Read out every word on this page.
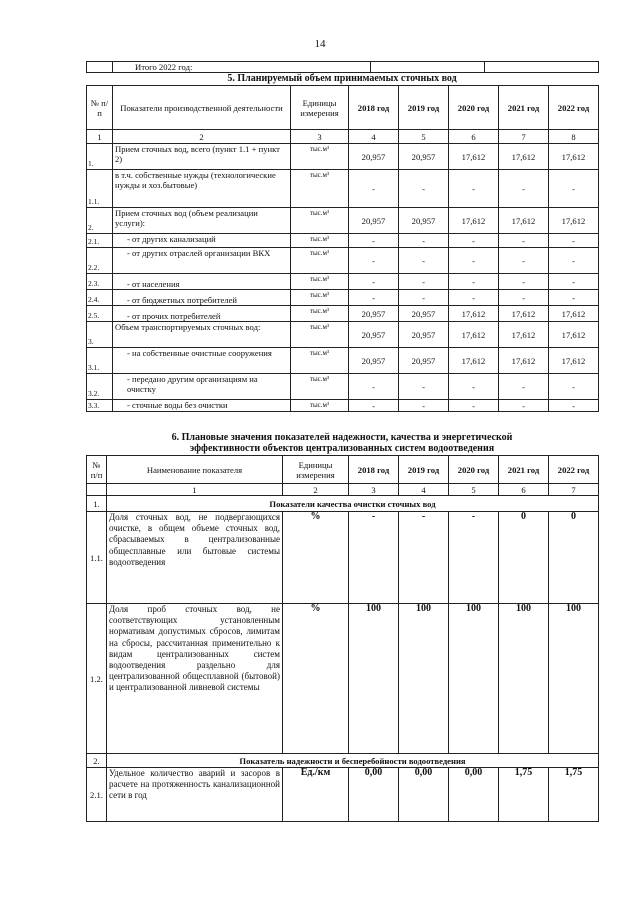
14
	Итого 2022 год:		
5. Планируемый объем принимаемых сточных вод
№ п/ п	Показатели производственной деятельности	Единицы измерения	2018 год	2019 год	2020 год	2021 год	2022 год
1	2	3	4	5	6	7	8
1.	Прием сточных вод, всего (пункт 1.1 + пункт 2)	тыс.м³	20,957	20,957	17,612	17,612	17,612
1.1.	в т.ч. собственные нужды (технологические нужды и хоз.бытовые)	тыс.м³	-	-	-	-	-
2.	Прием сточных вод (объем реализации услуги):	тыс.м³	20,957	20,957	17,612	17,612	17,612
2.1.	- от других канализаций	тыс.м³	-	-	-	-	-
2.2.	- от других отраслей организации ВКХ	тыс.м³	-	-	-	-	-
2.3.	- от населения	тыс.м³	-	-	-	-	-
2.4.	- от бюджетных потребителей	тыс.м³	-	-	-	-	-
2.5.	- от прочих потребителей	тыс.м³	20,957	20,957	17,612	17,612	17,612
3.	Объем транспортируемых сточных вод:	тыс.м³	20,957	20,957	17,612	17,612	17,612
3.1.	- на собственные очистные сооружения	тыс.м³	20,957	20,957	17,612	17,612	17,612
3.2.	- передано другим организациям на очистку	тыс.м³	-	-	-	-	-
3.3.	- сточные воды без очистки	тыс.м³	-	-	-	-	-
6. Плановые значения показателей надежности, качества и энергетической
эффективности объектов централизованных систем водоотведения
№ п/п	Наименование показателя	Единицы измерения	2018 год	2019 год	2020 год	2021 год	2022 год
	1	2	3	4	5	6	7
1.	Показатели качества очистки сточных вод						
1.1.	Доля сточных вод, не подвергающихся очистке, в общем объеме сточных вод, сбрасываемых в централизованные общесплавные или бытовые системы водоотведения	%	-	-	-	0	0
1.2.	Доля проб сточных вод, не соответствующих установленным нормативам допустимых сбросов, лимитам на сбросы, рассчитанная применительно к видам централизованных систем водоотведения раздельно для централизованной общесплавной (бытовой) и централизованной ливневой системы	%	100	100	100	100	100
2.	Показатель надежности и бесперебойности водоотведения						
2.1.	Удельное количество аварий и засоров в расчете на протяженность канализационной сети в год	Ед./км	0,00	0,00	0,00	1,75	1,75
